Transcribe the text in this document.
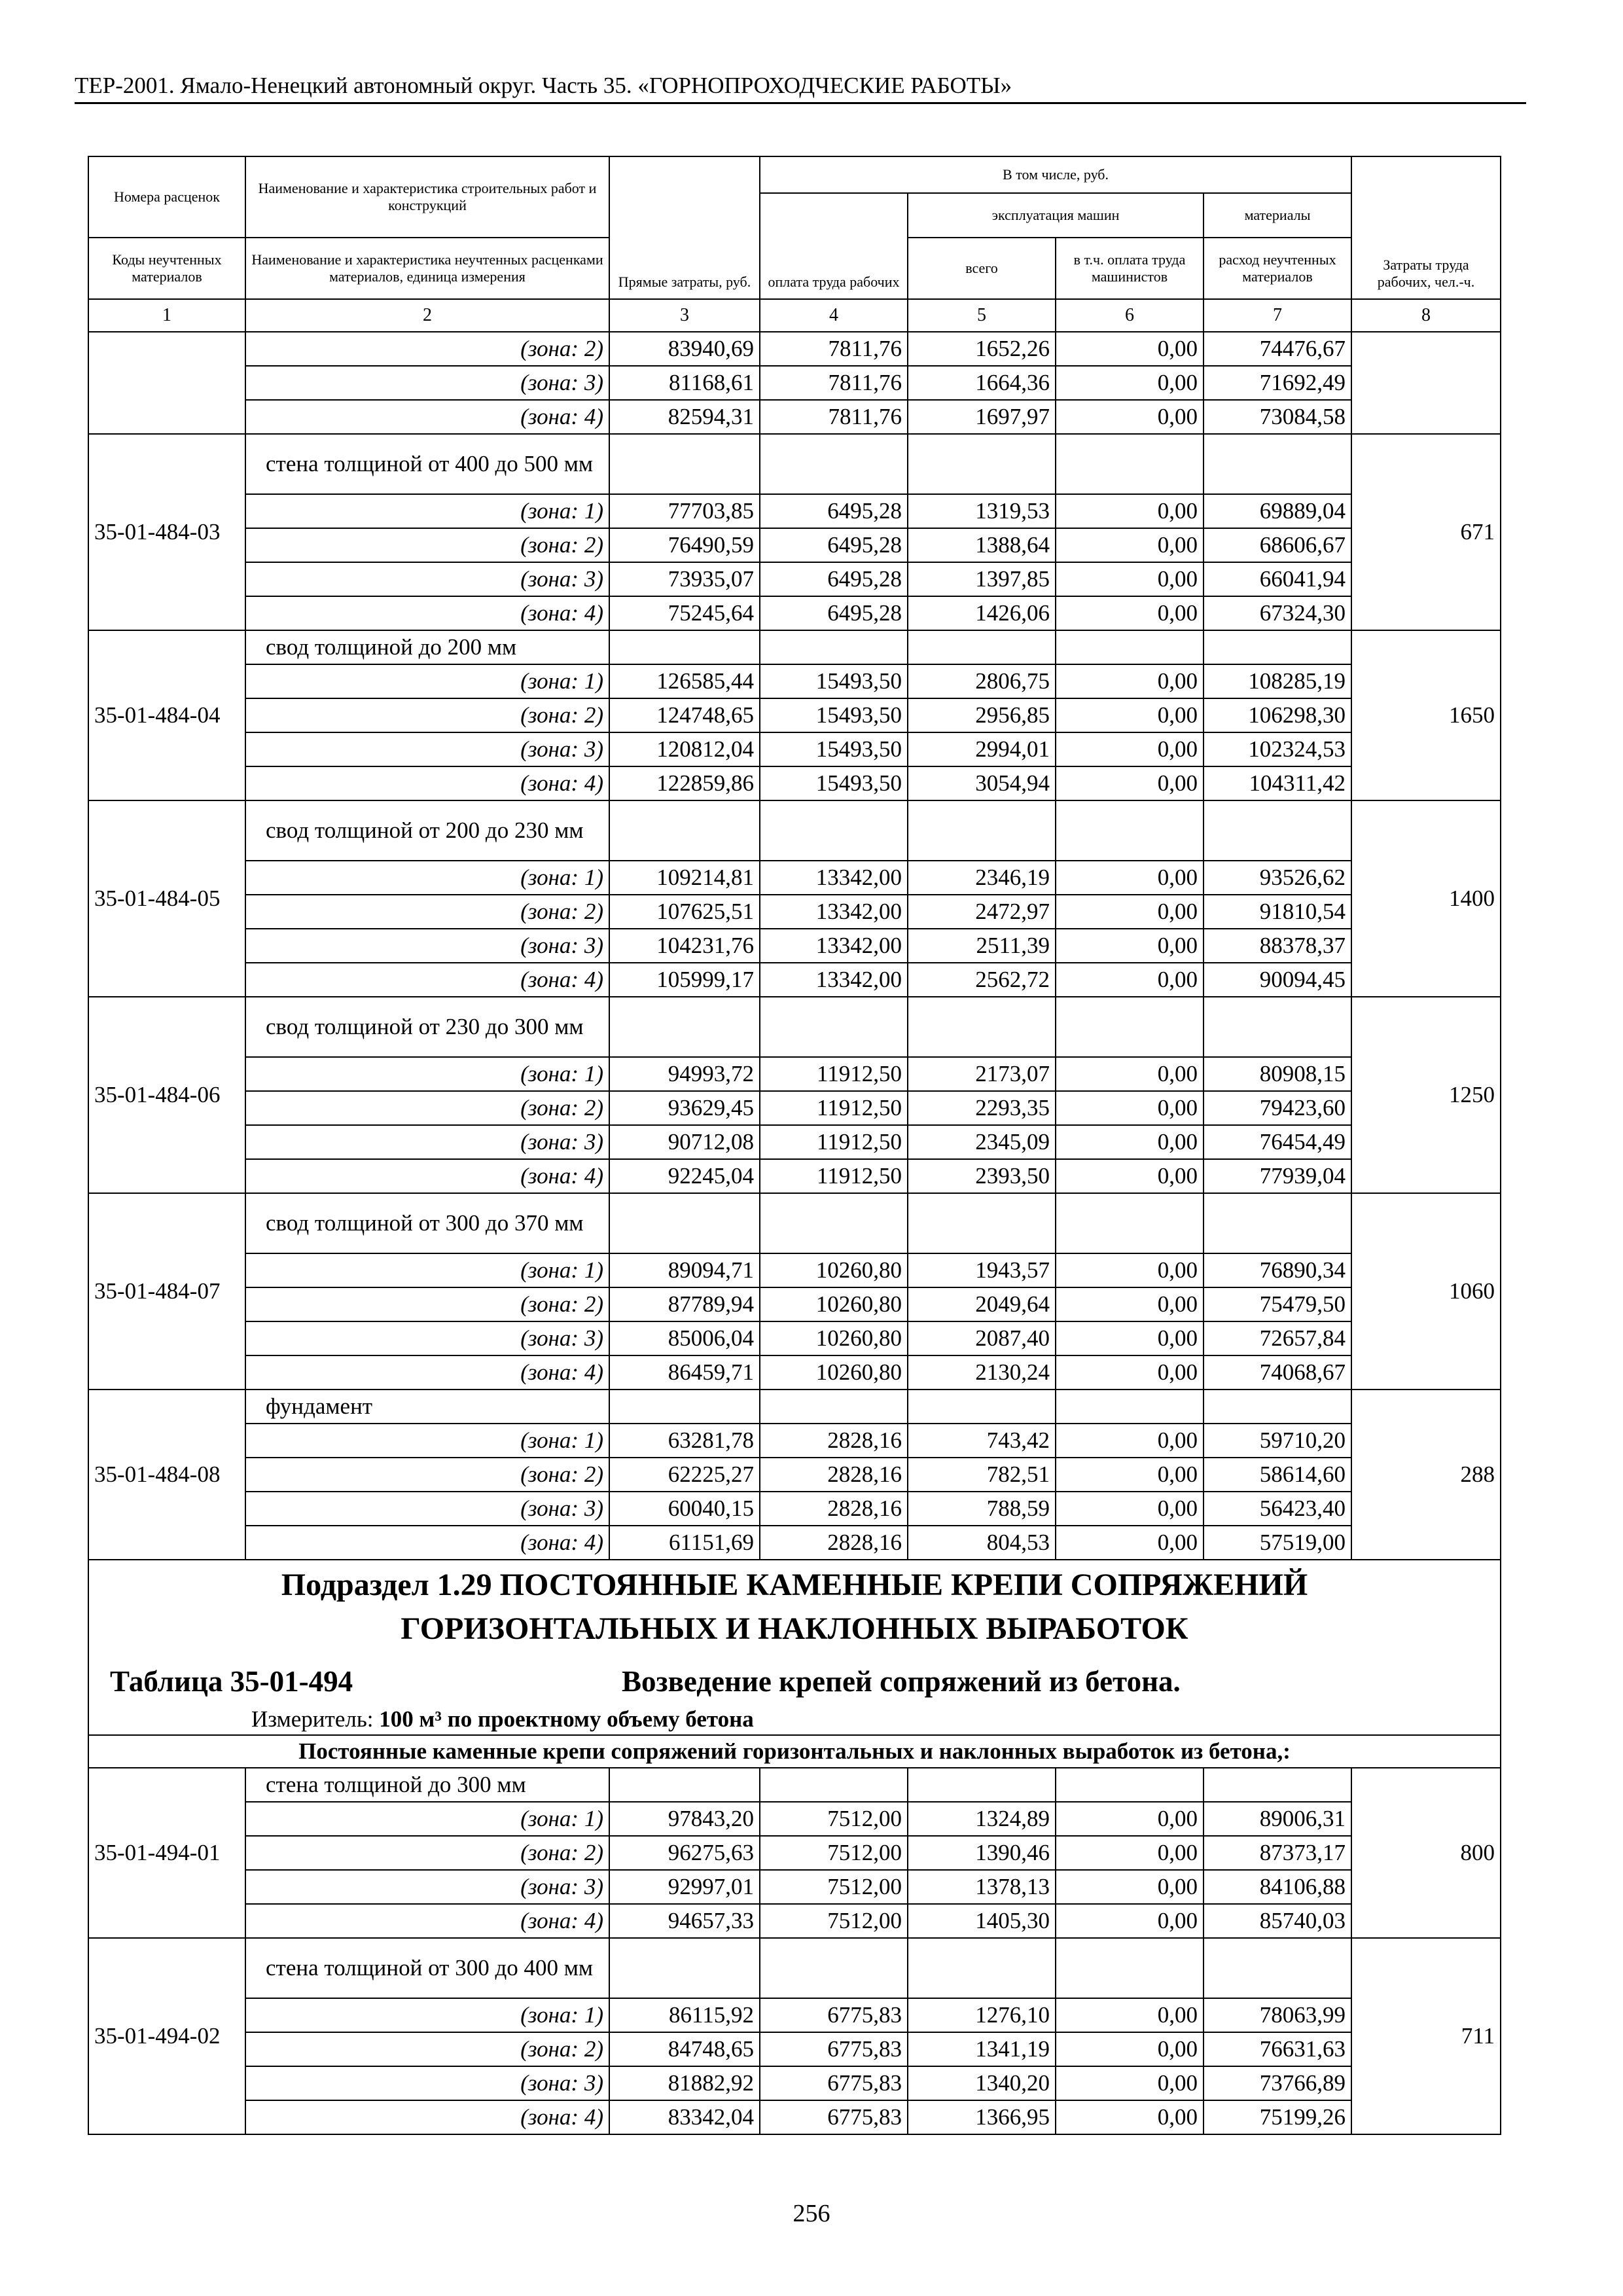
ТЕР-2001. Ямало-Ненецкий автономный округ. Часть 35. «ГОРНОПРОХОДЧЕСКИЕ РАБОТЫ»
Номера расценок	Наименование и характеристика строительных работ и конструкций	Прямые затраты, руб.	В том числе, руб.				Затраты труда рабочих, чел.-ч.
			оплата труда рабочих	эксплуатация машин		материалы	
Коды неучтенных материалов	Наименование и характеристика неучтенных расценками материалов, единица измерения			всего	в т.ч. оплата труда машинистов	расход неучтенных материалов	
1	2	3	4	5	6	7	8
	(зона: 2)	83940,69	7811,76	1652,26	0,00	74476,67	
	(зона: 3)	81168,61	7811,76	1664,36	0,00	71692,49	
	(зона: 4)	82594,31	7811,76	1697,97	0,00	73084,58	
35-01-484-03	стена толщиной от 400 до 500 мм						671
	(зона: 1)	77703,85	6495,28	1319,53	0,00	69889,04	
	(зона: 2)	76490,59	6495,28	1388,64	0,00	68606,67	
	(зона: 3)	73935,07	6495,28	1397,85	0,00	66041,94	
	(зона: 4)	75245,64	6495,28	1426,06	0,00	67324,30	
35-01-484-04	свод толщиной до 200 мм						1650
	(зона: 1)	126585,44	15493,50	2806,75	0,00	108285,19	
	(зона: 2)	124748,65	15493,50	2956,85	0,00	106298,30	
	(зона: 3)	120812,04	15493,50	2994,01	0,00	102324,53	
	(зона: 4)	122859,86	15493,50	3054,94	0,00	104311,42	
35-01-484-05	свод толщиной от 200 до 230 мм						1400
	(зона: 1)	109214,81	13342,00	2346,19	0,00	93526,62	
	(зона: 2)	107625,51	13342,00	2472,97	0,00	91810,54	
	(зона: 3)	104231,76	13342,00	2511,39	0,00	88378,37	
	(зона: 4)	105999,17	13342,00	2562,72	0,00	90094,45	
35-01-484-06	свод толщиной от 230 до 300 мм						1250
	(зона: 1)	94993,72	11912,50	2173,07	0,00	80908,15	
	(зона: 2)	93629,45	11912,50	2293,35	0,00	79423,60	
	(зона: 3)	90712,08	11912,50	2345,09	0,00	76454,49	
	(зона: 4)	92245,04	11912,50	2393,50	0,00	77939,04	
35-01-484-07	свод толщиной от 300 до 370 мм						1060
	(зона: 1)	89094,71	10260,80	1943,57	0,00	76890,34	
	(зона: 2)	87789,94	10260,80	2049,64	0,00	75479,50	
	(зона: 3)	85006,04	10260,80	2087,40	0,00	72657,84	
	(зона: 4)	86459,71	10260,80	2130,24	0,00	74068,67	
35-01-484-08	фундамент						288
	(зона: 1)	63281,78	2828,16	743,42	0,00	59710,20	
	(зона: 2)	62225,27	2828,16	782,51	0,00	58614,60	
	(зона: 3)	60040,15	2828,16	788,59	0,00	56423,40	
	(зона: 4)	61151,69	2828,16	804,53	0,00	57519,00	

Подраздел 1.29 ПОСТОЯННЫЕ КАМЕННЫЕ КРЕПИ СОПРЯЖЕНИЙ							

ГОРИЗОНТАЛЬНЫХ И НАКЛОННЫХ ВЫРАБОТОК							

Таблица 35-01-494 Возведение крепей сопряжений из бетона.							

Измеритель: 100 м³ по проектному объему бетона							

Постоянные каменные крепи сопряжений горизонтальных и наклонных выработок из бетона,:							

35-01-494-01	стена толщиной до 300 мм						800
	(зона: 1)	97843,20	7512,00	1324,89	0,00	89006,31	
	(зона: 2)	96275,63	7512,00	1390,46	0,00	87373,17	
	(зона: 3)	92997,01	7512,00	1378,13	0,00	84106,88	
	(зона: 4)	94657,33	7512,00	1405,30	0,00	85740,03	
35-01-494-02	стена толщиной от 300 до 400 мм						711
	(зона: 1)	86115,92	6775,83	1276,10	0,00	78063,99	
	(зона: 2)	84748,65	6775,83	1341,19	0,00	76631,63	
	(зона: 3)	81882,92	6775,83	1340,20	0,00	73766,89	
	(зона: 4)	83342,04	6775,83	1366,95	0,00	75199,26	
256
